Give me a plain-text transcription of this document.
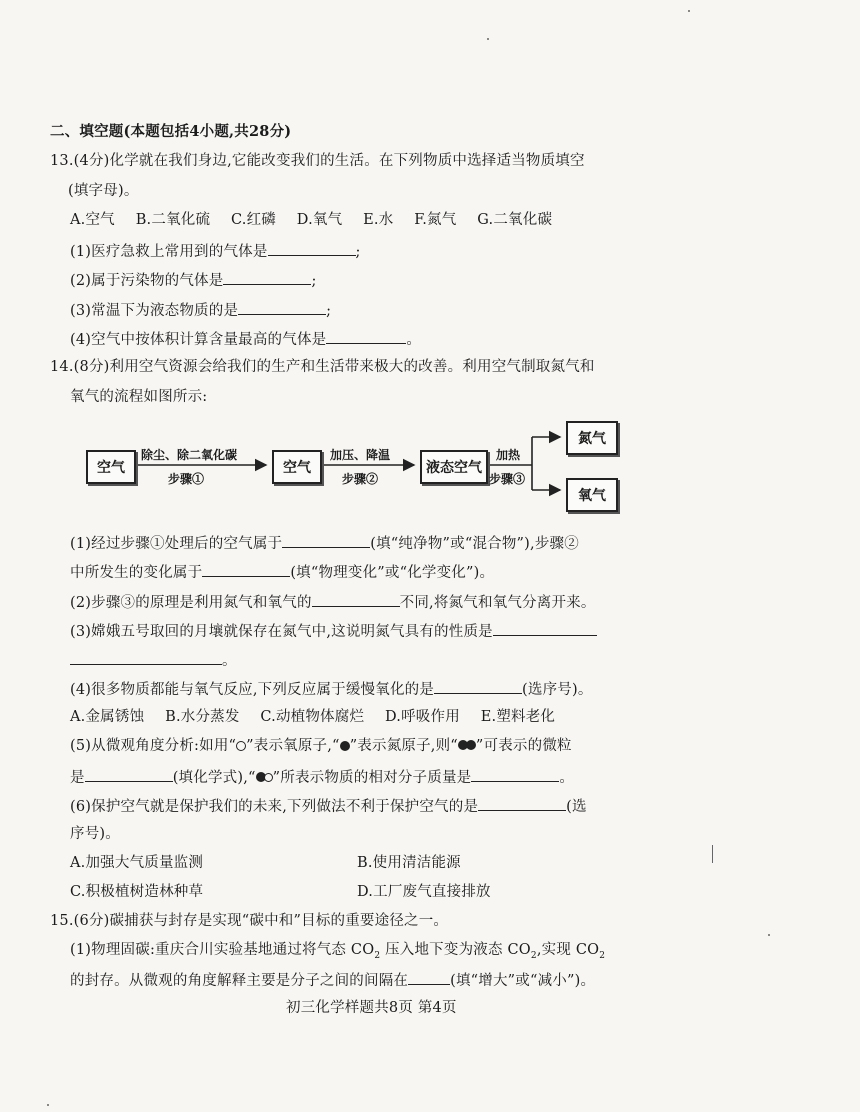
二、填空题(本题包括4小题,共28分)
13.(4分)化学就在我们身边,它能改变我们的生活。在下列物质中选择适当物质填空
(填字母)。
A.空气 B.二氧化硫 C.红磷 D.氧气 E.水 F.氮气 G.二氧化碳
(1)医疗急救上常用到的气体是	;
(2)属于污染物的气体是	;
(3)常温下为液态物质的是	;
(4)空气中按体积计算含量最高的气体是	。
14.(8分)利用空气资源会给我们的生产和生活带来极大的改善。利用空气制取氮气和
氧气的流程如图所示:
空气
除尘、除二氧化碳
步骤①
空气
加压、降温
步骤②
液态空气
加热
步骤③
氮气
氧气
(1)经过步骤①处理后的空气属于	(填“纯净物”或“混合物”),步骤②
中所发生的变化属于	(填“物理变化”或“化学变化”)。
(2)步骤③的原理是利用氮气和氧气的	不同,将氮气和氧气分离开来。
(3)嫦娥五号取回的月壤就保存在氮气中,这说明氮气具有的性质是
。
(4)很多物质都能与氧气反应,下列反应属于缓慢氧化的是	(选序号)。
A.金属锈蚀 B.水分蒸发 C.动植物体腐烂 D.呼吸作用 E.塑料老化
(5)从微观角度分析:如用“ ”表示氧原子,“ ”表示氮原子,则“ ”可表示的微粒
是	(填化学式),“ ”所表示物质的相对分子质量是	。
(6)保护空气就是保护我们的未来,下列做法不利于保护空气的是	(选
序号)。
A.加强大气质量监测	B.使用清洁能源
C.积极植树造林种草	D.工厂废气直接排放
15.(6分)碳捕获与封存是实现“碳中和”目标的重要途径之一。
(1)物理固碳:重庆合川实验基地通过将气态 $CO_2$ 压入地下变为液态 $CO_2$,实现 $CO_2$
的封存。从微观的角度解释主要是分子之间的间隔在	(填“增大”或“减小”)。
初三化学样题共8页 第4页
